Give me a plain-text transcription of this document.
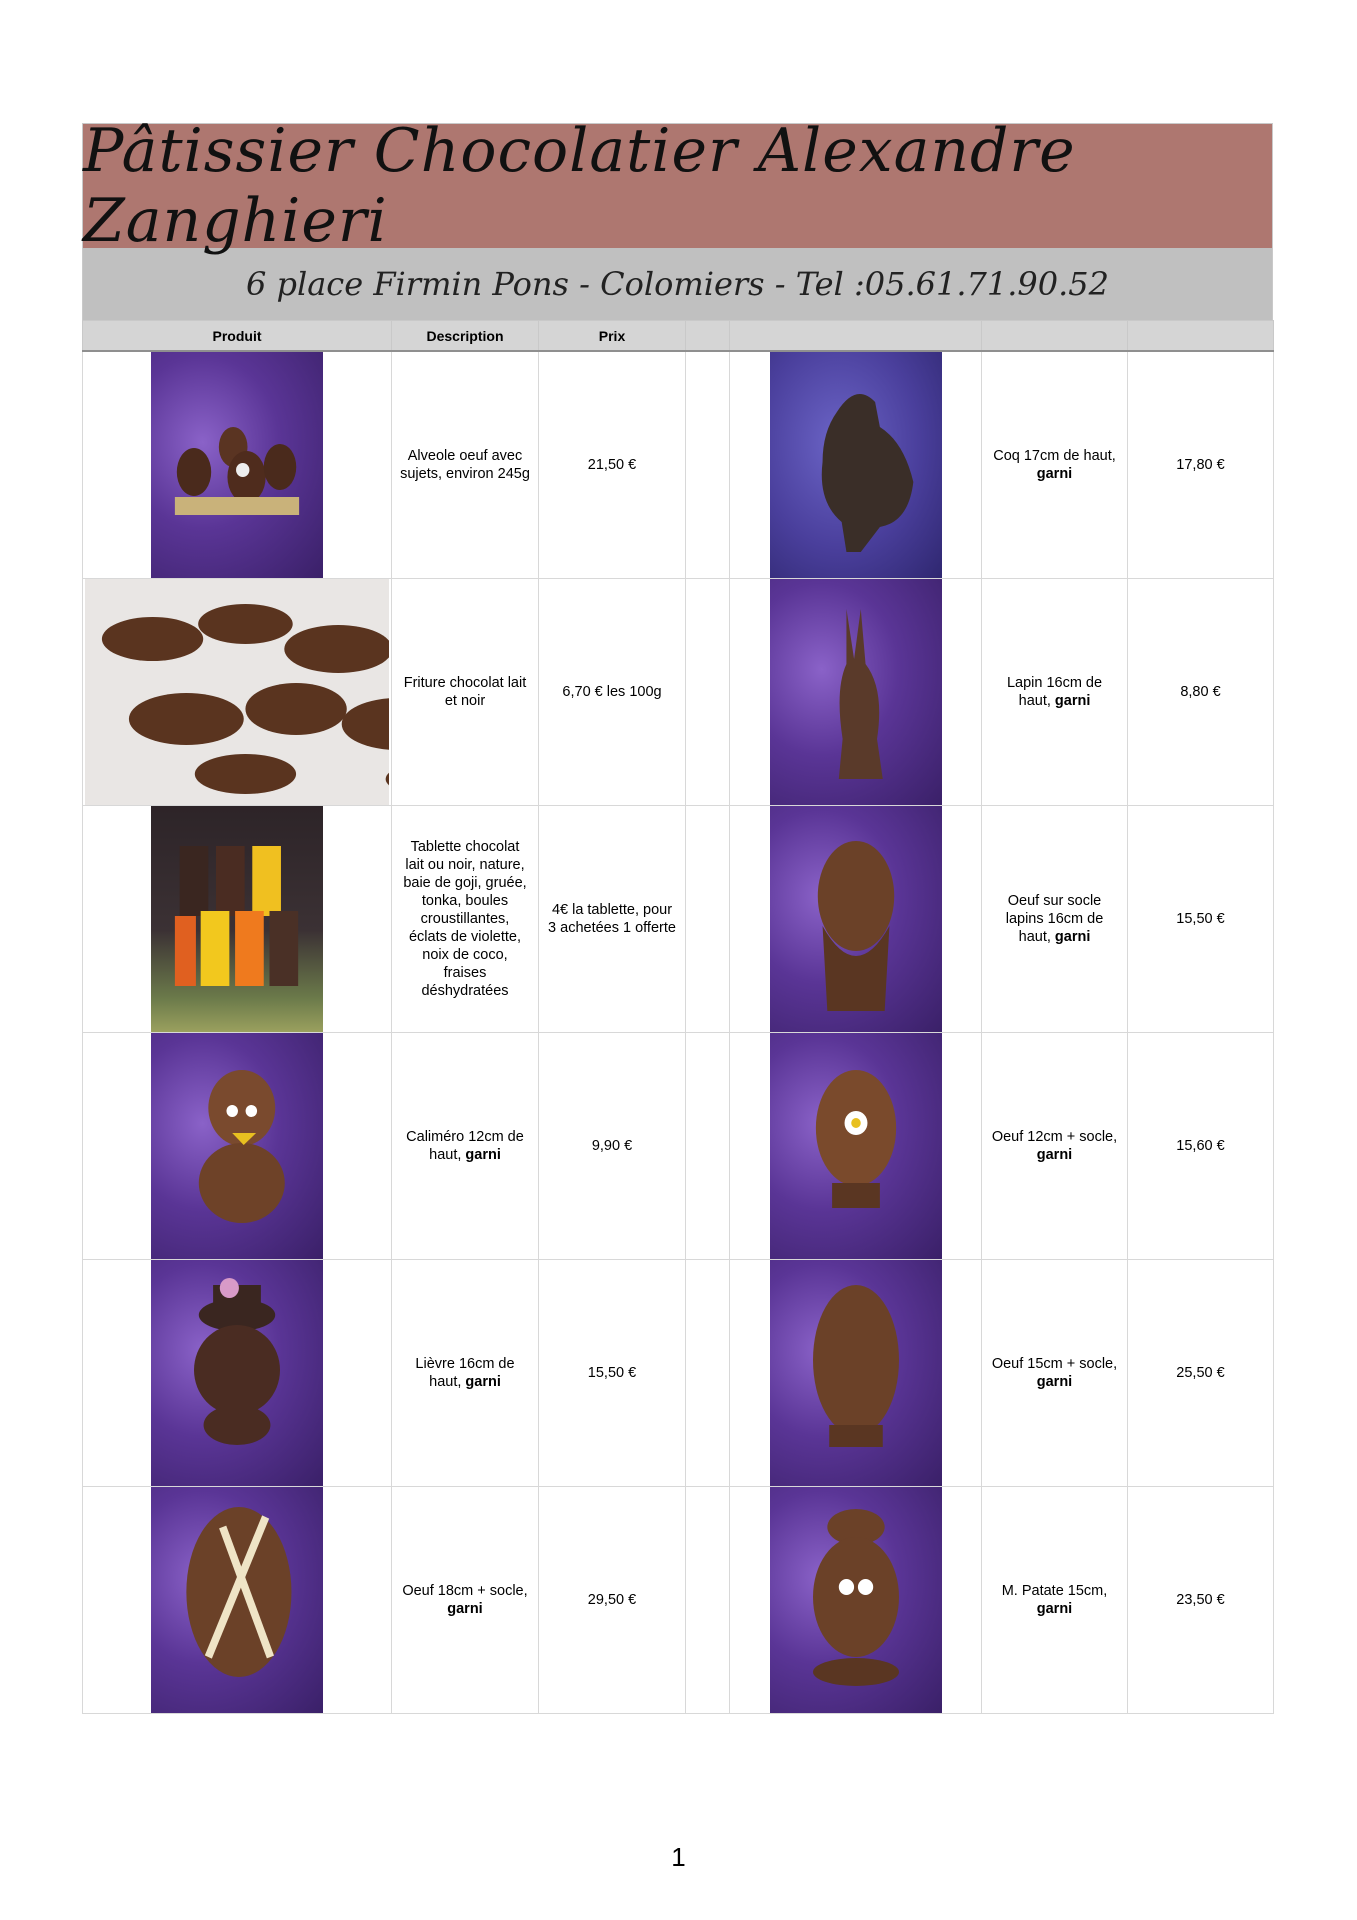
Pâtissier Chocolatier Alexandre Zanghieri
6 place Firmin Pons - Colomiers - Tel :05.61.71.90.52
Produit	Description	Prix				

	Alveole oeuf avec sujets, environ 245g	21,50 €			Coq 17cm de haut, garni	17,80 €

	Friture chocolat lait et noir	6,70 € les 100g			Lapin 16cm de haut, garni	8,80 €

	Tablette chocolat lait ou noir, nature, baie de goji, gruée, tonka, boules croustillantes, éclats de violette, noix de coco, fraises déshydratées	4€ la tablette, pour 3 achetées 1 offerte			Oeuf sur socle lapins 16cm de haut, garni	15,50 €

	Caliméro 12cm de haut, garni	9,90 €			Oeuf 12cm + socle, garni	15,60 €

	Lièvre 16cm de haut, garni	15,50 €			Oeuf 15cm + socle, garni	25,50 €

	Oeuf 18cm + socle, garni	29,50 €			M. Patate 15cm, garni	23,50 €
1
